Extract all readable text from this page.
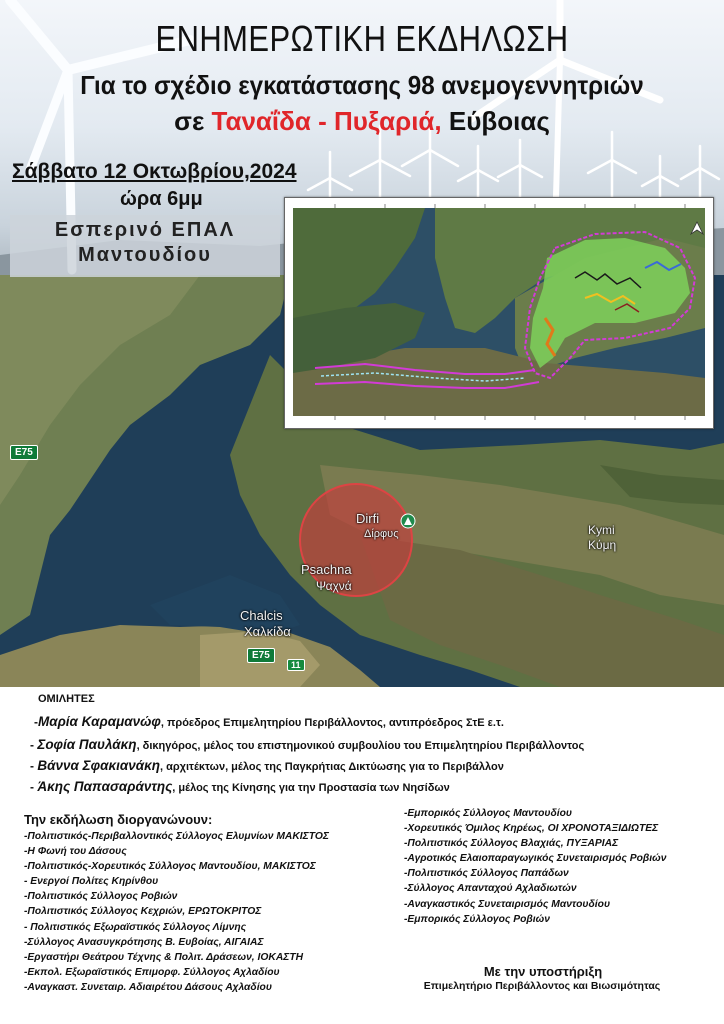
ΕΝΗΜΕΡΩΤΙΚΗ ΕΚΔΗΛΩΣΗ
Για το σχέδιο εγκατάστασης 98 ανεμογεννητριών
σε Ταναΐδα - Πυξαριά, Εύβοιας
Σάββατο 12 Οκτωβρίου,2024
ώρα 6μμ
Dirfi
Δίρφυς	Kymi
Κύμη
Psachna
Ψαχνά
Chalcis
Χαλκίδα
E75
E75
11
Εσπερινό ΕΠΑΛ
Μαντουδίου
ΟΜΙΛΗΤΕΣ
-Μαρία Καραμανώφ, πρόεδρος Επιμελητηρίου Περιβάλλοντος, αντιπρόεδρος ΣτΕ ε.τ.
- Σοφία Παυλάκη, δικηγόρος, μέλος του επιστημονικού συμβουλίου του Επιμελητηρίου Περιβάλλοντος
- Βάννα Σφακιανάκη, αρχιτέκτων, μέλος της Παγκρήτιας Δικτύωσης για το Περιβάλλον
- Άκης Παπασαράντης, μέλος της Κίνησης για την Προστασία των Νησίδων
Την εκδήλωση διοργανώνουν:
-Πολιτιστικός-Περιβαλλοντικός Σύλλογος Ελυμνίων ΜΑΚΙΣΤΟΣ
-Η Φωνή του Δάσους
-Πολιτιστικός-Χορευτικός Σύλλογος Μαντουδίου, ΜΑΚΙΣΤΟΣ
- Ενεργοί Πολίτες Κηρίνθου
-Πολιτιστικός Σύλλογος Ροβιών
-Πολιτιστικός Σύλλογος Κεχριών, ΕΡΩΤΟΚΡΙΤΟΣ
- Πολιτιστικός Εξωραϊστικός Σύλλογος Λίμνης
-Σύλλογος Ανασυγκρότησης Β. Ευβοίας, ΑΙΓΑΙΑΣ
-Εργαστήρι Θεάτρου Τέχνης & Πολιτ. Δράσεων, ΙΟΚΑΣΤΗ
-Εκπολ. Εξωραϊστικός Επιμορφ. Σύλλογος Αχλαδίου
-Αναγκαστ. Συνεταιρ. Αδιαιρέτου Δάσους Αχλαδίου
-Εμπορικός Σύλλογος Μαντουδίου
-Χορευτικός Όμιλος Κηρέως, ΟΙ ΧΡΟΝΟΤΑΞΙΔΙΩΤΕΣ
-Πολιτιστικός Σύλλογος Βλαχιάς, ΠΥΞΑΡΙΑΣ
-Αγροτικός Ελαιοπαραγωγικός Συνεταιρισμός Ροβιών
-Πολιτιστικός Σύλλογος Παπάδων
-Σύλλογος Απανταχού Αχλαδιωτών
-Αναγκαστικός Συνεταιρισμός Μαντουδίου
-Εμπορικός Σύλλογος Ροβιών
Με την υποστήριξη
Επιμελητήριο Περιβάλλοντος και Βιωσιμότητας
